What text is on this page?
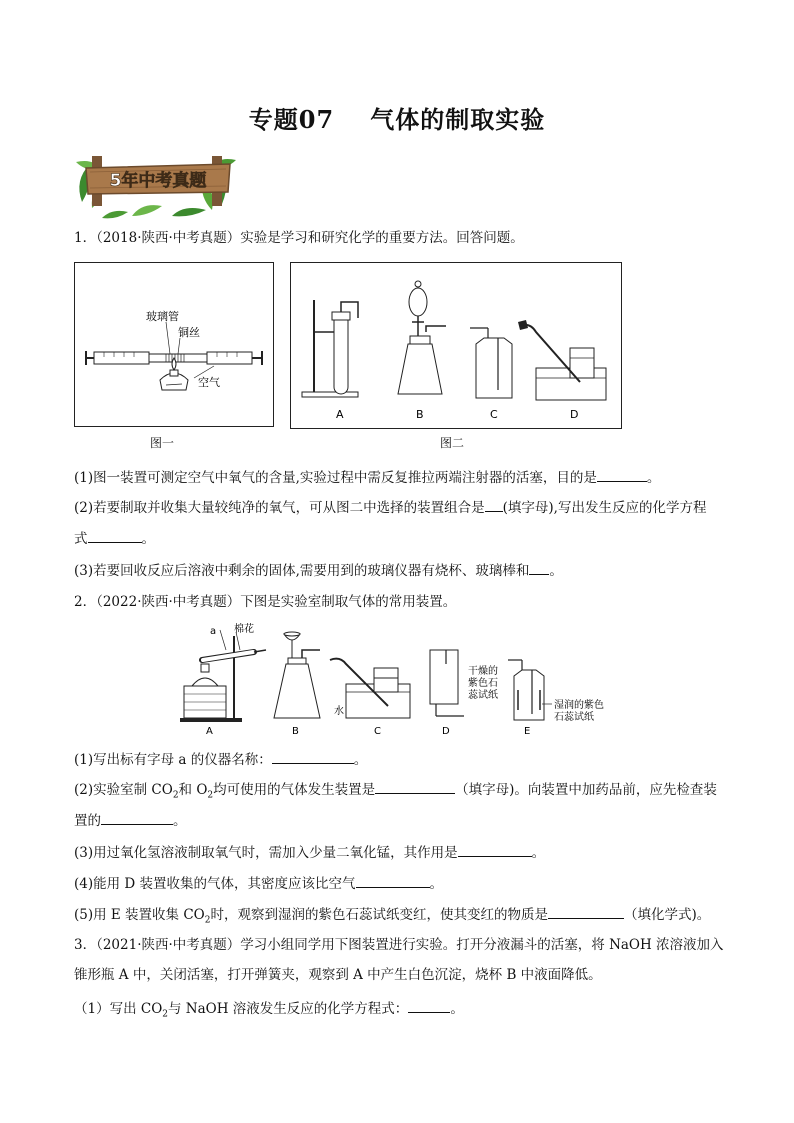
专题07 气体的制取实验
5年中考真题
1．（2018·陕西·中考真题）实验是学习和研究化学的重要方法。回答问题。
玻璃管
铜丝
空气
图一
A	B	C	D
图二
(1)图一装置可测定空气中氧气的含量,实验过程中需反复推拉两端注射器的活塞，目的是	。
(2)若要制取并收集大量较纯净的氧气，可从图二中选择的装置组合是 (填字母),写出发生反应的化学方程
式	。
(3)若要回收反应后溶液中剩余的固体,需要用到的玻璃仪器有烧杯、玻璃棒和 。
2．（2022·陕西·中考真题）下图是实验室制取气体的常用装置。
a 棉花
水
干燥的
紫色石
蕊试纸
湿润的紫色
石蕊试纸
A	B	C	D	E
(1)写出标有字母 a 的仪器名称：	。
(2)实验室制 $CO_2$和 $O_2$均可使用的气体发生装置是	（填字母)。向装置中加药品前，应先检查装
置的	。
(3)用过氧化氢溶液制取氧气时，需加入少量二氧化锰，其作用是	。
(4)能用 D 装置收集的气体，其密度应该比空气	。
(5)用 E 装置收集 $CO_2$时，观察到湿润的紫色石蕊试纸变红，使其变红的物质是	（填化学式)。
3．（2021·陕西·中考真题）学习小组同学用下图装置进行实验。打开分液漏斗的活塞，将 NaOH 浓溶液加入
锥形瓶 A 中，关闭活塞，打开弹簧夹，观察到 A 中产生白色沉淀，烧杯 B 中液面降低。
（1）写出 $CO_2$与 NaOH 溶液发生反应的化学方程式：	。
